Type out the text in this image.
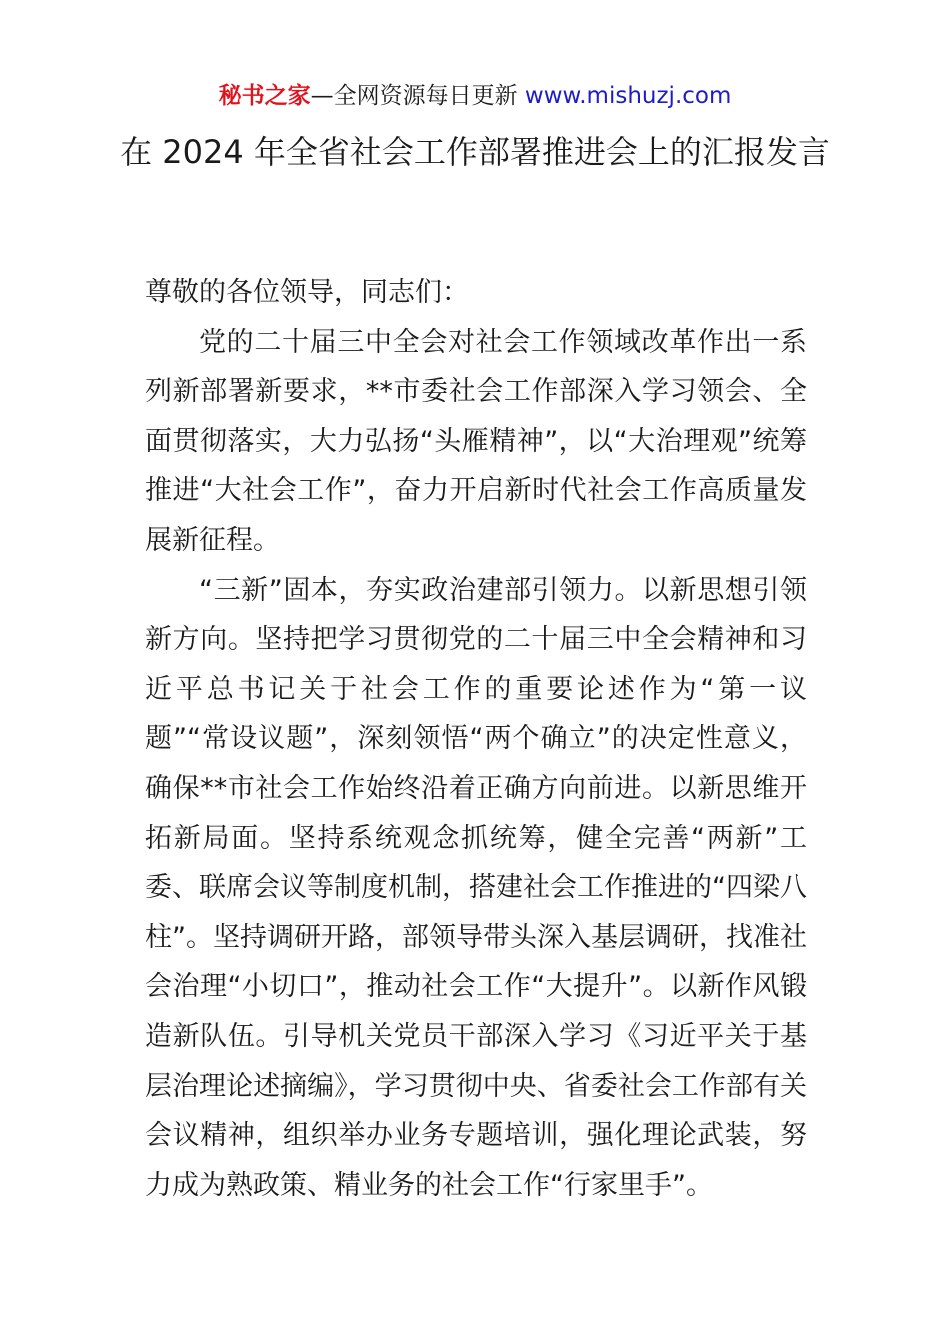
秘书之家—全网资源每日更新 www.mishuzj.com
在 2024 年全省社会工作部署推进会上的汇报发言

尊敬的各位领导，同志们：

党的二十届三中全会对社会工作领域改革作出一系列新部署新要求，**市委社会工作部深入学习领会、全面贯彻落实，大力弘扬“头雁精神”，以“大治理观”统筹推进“大社会工作”，奋力开启新时代社会工作高质量发展新征程。

“三新”固本，夯实政治建部引领力。以新思想引领新方向。坚持把学习贯彻党的二十届三中全会精神和习近平总书记关于社会工作的重要论述作为“第一议题”“常设议题”，深刻领悟“两个确立”的决定性意义，确保**市社会工作始终沿着正确方向前进。以新思维开拓新局面。坚持系统观念抓统筹，健全完善“两新”工委、联席会议等制度机制，搭建社会工作推进的“四梁八柱”。坚持调研开路，部领导带头深入基层调研，找准社会治理“小切口”，推动社会工作“大提升”。以新作风锻造新队伍。引导机关党员干部深入学习《习近平关于基层治理论述摘编》，学习贯彻中央、省委社会工作部有关会议精神，组织举办业务专题培训，强化理论武装，努力成为熟政策、精业务的社会工作“行家里手”。
